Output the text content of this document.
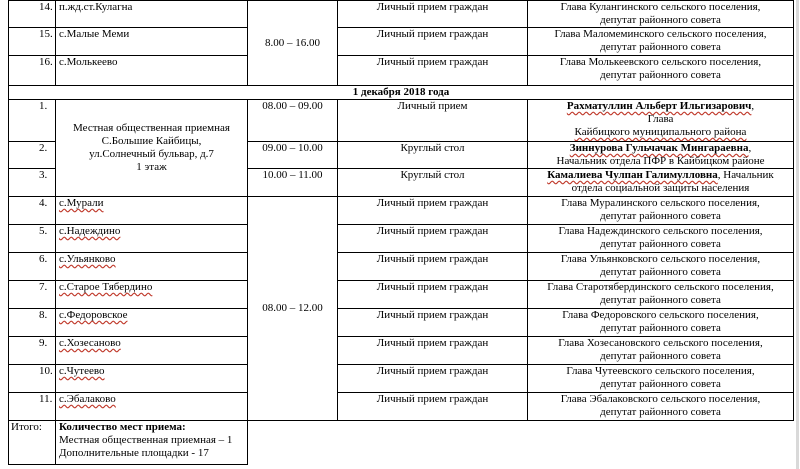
14.	п.жд.ст.Кулагна	8.00 – 16.00	Личный прием граждан	Глава Кулангинского сельского поселения,
депутат районного совета
15.	с.Малые Меми		Личный прием граждан	Глава Маломеминского сельского поселения,
депутат районного совета
16.	с.Молькеево		Личный прием граждан	Глава Молькеевского сельского поселения,
депутат районного совета
1 декабря 2018 года				
1.	Местная общественная приемная
С.Большие Кайбицы,
ул.Солнечный бульвар, д.7
1 этаж	08.00 – 09.00	Личный прием	Рахматуллин Альберт Ильгизарович,
Глава
Кайбицкого муниципального района
2.		09.00 – 10.00	Круглый стол	Зиннурова Гульчачак Мингараевна,
Начальник отдела ПФР в Кайбицком районе
3.		10.00 – 11.00	Круглый стол	Камалиева Чулпан Галимулловна, Начальник
отдела социальной защиты населения
4.	с.Мурали	08.00 – 12.00	Личный прием граждан	Глава Муралинского сельского поселения,
депутат районного совета
5.	с.Надеждино		Личный прием граждан	Глава Надеждинского сельского поселения,
депутат районного совета
6.	с.Ульянково		Личный прием граждан	Глава Ульянковского сельского поселения,
депутат районного совета
7.	с.Старое Тябердино		Личный прием граждан	Глава Старотябердинского сельского поселения,
депутат районного совета
8.	с.Федоровское		Личный прием граждан	Глава Федоровского сельского поселения,
депутат районного совета
9.	с.Хозесаново		Личный прием граждан	Глава Хозесановского сельского поселения,
депутат районного совета
10.	с.Чутеево		Личный прием граждан	Глава Чутеевского сельского поселения,
депутат районного совета
11.	с.Эбалаково		Личный прием граждан	Глава Эбалаковского сельского поселения,
депутат районного совета
Итого:	Количество мест приема:
Местная общественная приемная – 1
Дополнительные площадки - 17			
